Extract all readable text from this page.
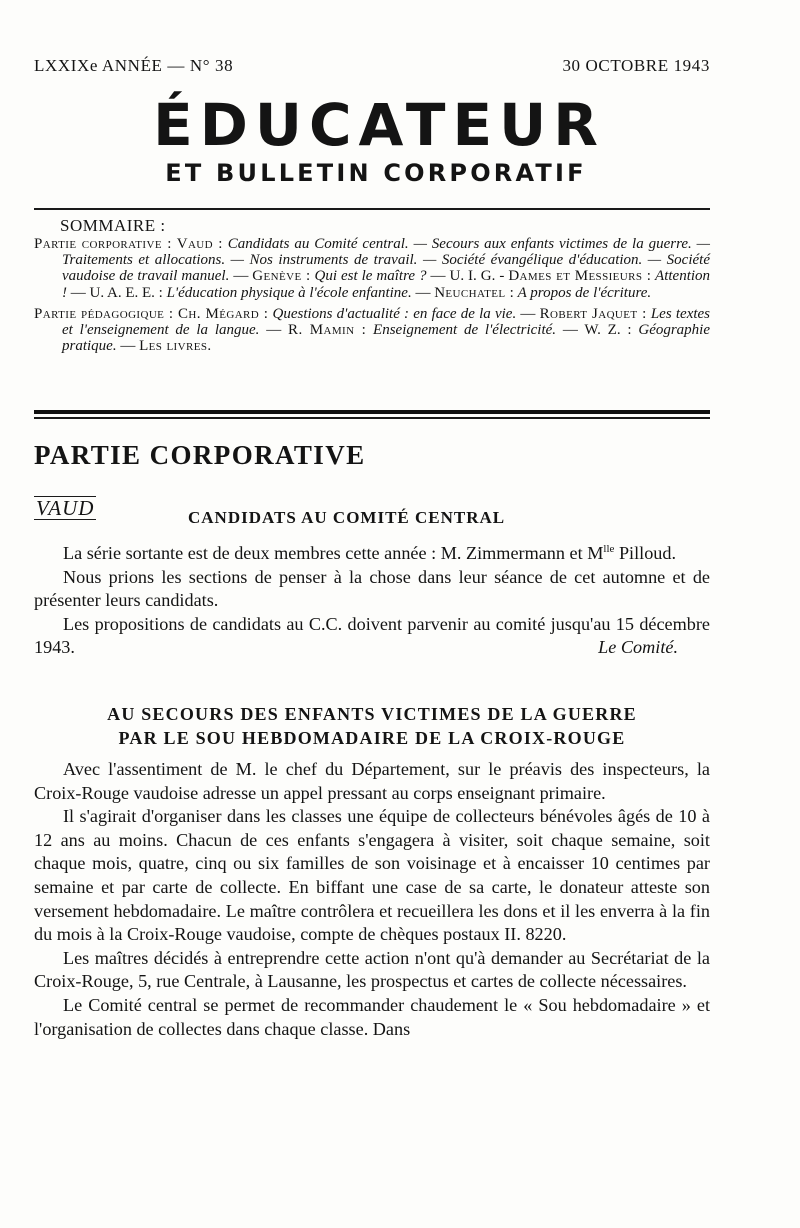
LXXIXe ANNÉE — N° 38	30 OCTOBRE 1943
ÉDUCATEUR
ET BULLETIN CORPORATIF
SOMMAIRE :
Partie corporative : Vaud : Candidats au Comité central. — Secours aux enfants victimes de la guerre. — Traitements et allocations. — Nos instruments de travail. — Société évangélique d'éducation. — Société vaudoise de travail manuel. — Genève : Qui est le maître ? — U. I. G. - Dames et Messieurs : Attention ! — U. A. E. E. : L'éducation physique à l'école enfantine. — Neuchatel : A propos de l'écriture.
Partie pédagogique : Ch. Mégard : Questions d'actualité : en face de la vie. — Robert Jaquet : Les textes et l'enseignement de la langue. — R. Mamin : Enseignement de l'électricité. — W. Z. : Géographie pratique. — Les livres.
PARTIE CORPORATIVE
VAUD	CANDIDATS AU COMITÉ CENTRAL

La série sortante est de deux membres cette année : M. Zimmermann et $M^{lle}$ Pilloud.

Nous prions les sections de penser à la chose dans leur séance de cet automne et de présenter leurs candidats.

Les propositions de candidats au C.C. doivent parvenir au comité jusqu'au 15 décembre 1943.	Le Comité.

AU SECOURS DES ENFANTS VICTIMES DE LA GUERRE
PAR LE SOU HEBDOMADAIRE DE LA CROIX-ROUGE

Avec l'assentiment de M. le chef du Département, sur le préavis des inspecteurs, la Croix-Rouge vaudoise adresse un appel pressant au corps enseignant primaire.

Il s'agirait d'organiser dans les classes une équipe de collecteurs bénévoles âgés de 10 à 12 ans au moins. Chacun de ces enfants s'engagera à visiter, soit chaque semaine, soit chaque mois, quatre, cinq ou six familles de son voisinage et à encaisser 10 centimes par semaine et par carte de collecte. En biffant une case de sa carte, le donateur atteste son versement hebdomadaire. Le maître contrôlera et recueillera les dons et il les enverra à la fin du mois à la Croix-Rouge vaudoise, compte de chèques postaux II. 8220.

Les maîtres décidés à entreprendre cette action n'ont qu'à demander au Secrétariat de la Croix-Rouge, 5, rue Centrale, à Lausanne, les prospectus et cartes de collecte nécessaires.

Le Comité central se permet de recommander chaudement le « Sou hebdomadaire » et l'organisation de collectes dans chaque classe. Dans
